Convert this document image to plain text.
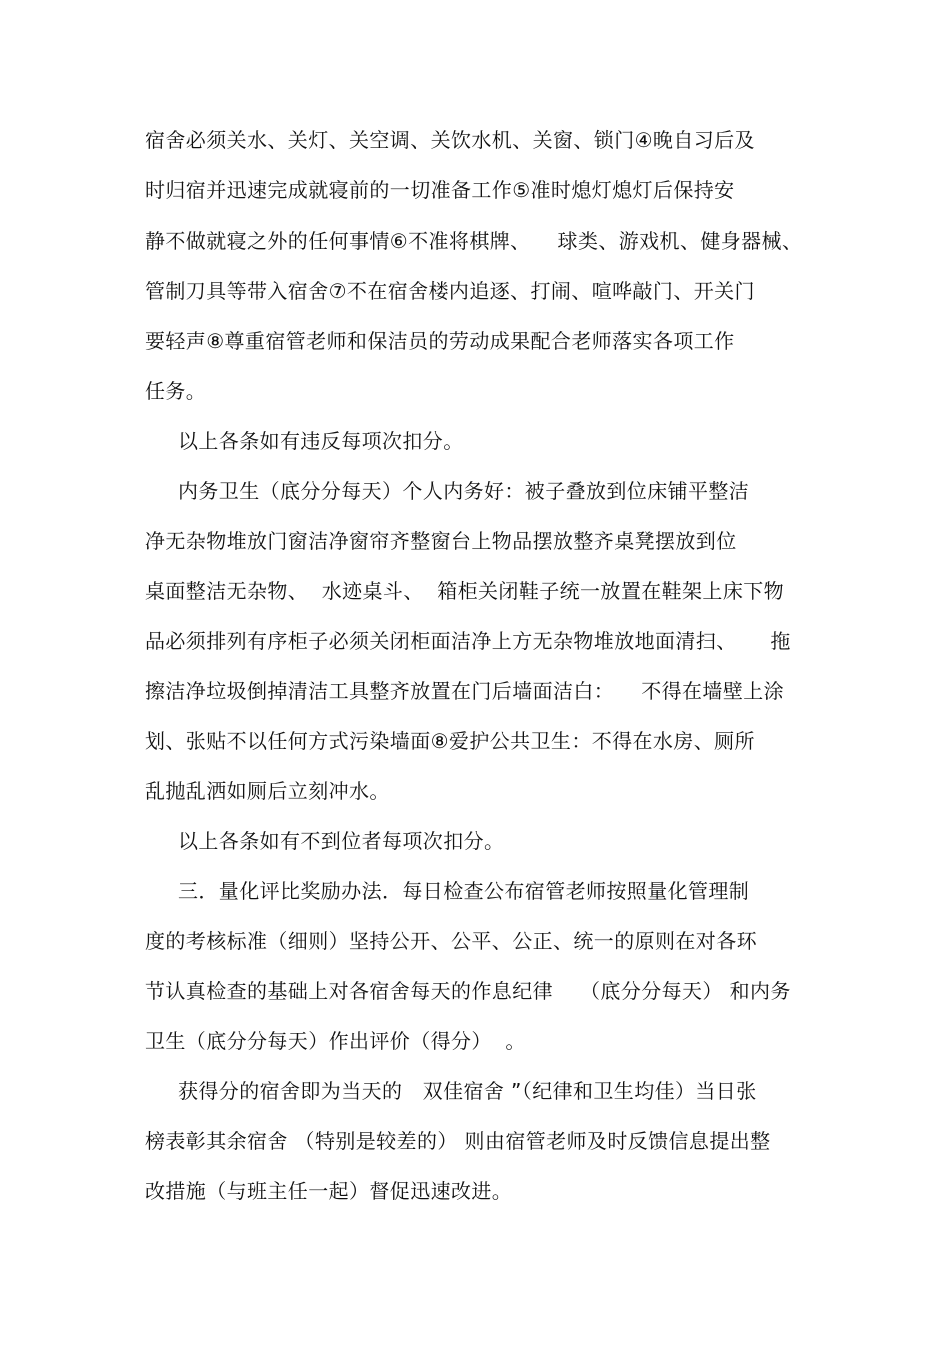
宿舍必须关水、关灯、关空调、关饮水机、关窗、锁门④晚自习后及
时归宿并迅速完成就寝前的一切准备工作⑤准时熄灯熄灯后保持安
静不做就寝之外的任何事情⑥不准将棋牌、    球类、游戏机、健身器械、
管制刀具等带入宿舍⑦不在宿舍楼内追逐、打闹、喧哗敲门、开关门
要轻声⑧尊重宿管老师和保洁员的劳动成果配合老师落实各项工作
任务。
以上各条如有违反每项次扣分。
内务卫生（底分分每天）个人内务好：被子叠放到位床铺平整洁
净无杂物堆放门窗洁净窗帘齐整窗台上物品摆放整齐桌凳摆放到位
桌面整洁无杂物、  水迹桌斗、  箱柜关闭鞋子统一放置在鞋架上床下物
品必须排列有序柜子必须关闭柜面洁净上方无杂物堆放地面清扫、     拖
擦洁净垃圾倒掉清洁工具整齐放置在门后墙面洁白：    不得在墙壁上涂
划、张贴不以任何方式污染墙面⑧爱护公共卫生：不得在水房、厕所
乱抛乱洒如厕后立刻冲水。
以上各条如有不到位者每项次扣分。
三．量化评比奖励办法．每日检查公布宿管老师按照量化管理制
度的考核标准（细则）坚持公开、公平、公正、统一的原则在对各环
节认真检查的基础上对各宿舍每天的作息纪律    （底分分每天） 和内务
卫生（底分分每天）作出评价（得分）  。
获得分的宿舍即为当天的   双佳宿舍 ”（纪律和卫生均佳）当日张
榜表彰其余宿舍 （特别是较差的） 则由宿管老师及时反馈信息提出整
改措施（与班主任一起）督促迅速改进。
